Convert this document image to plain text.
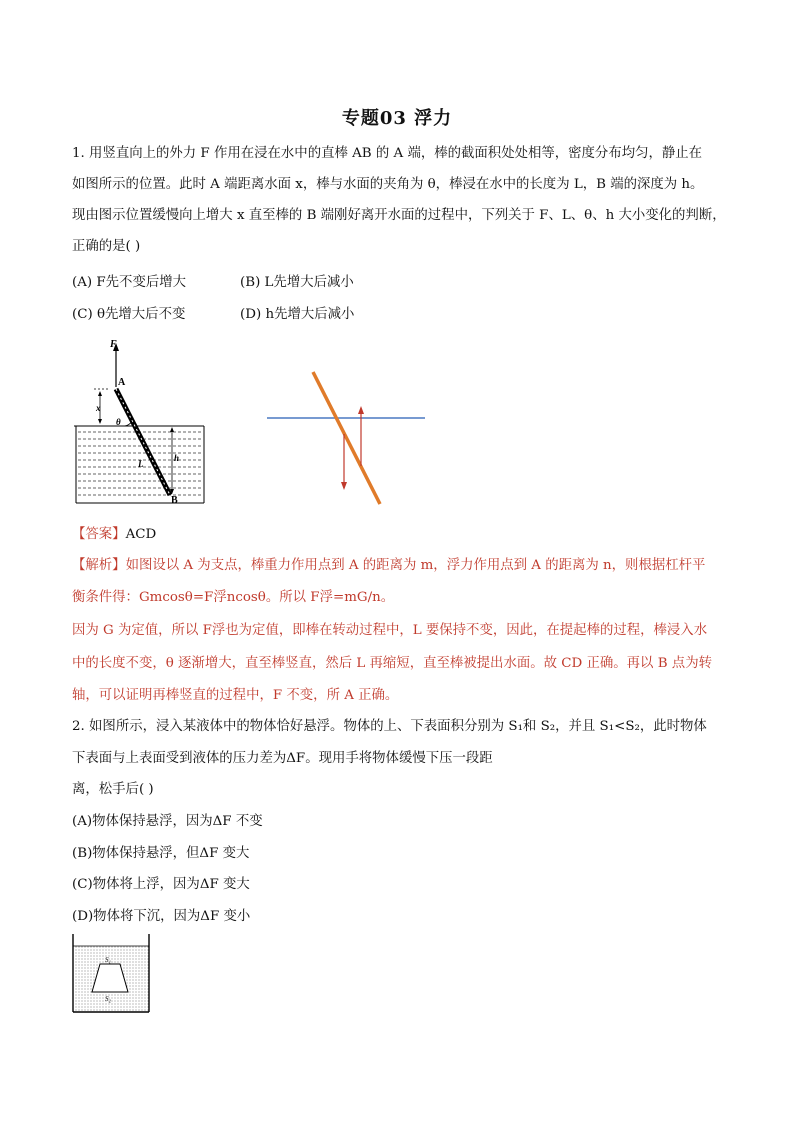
专题03 浮力
1. 用竖直向上的外力 F 作用在浸在水中的直棒 AB 的 A 端，棒的截面积处处相等，密度分布均匀，静止在
如图所示的位置。此时 A 端距离水面 x，棒与水面的夹角为 θ，棒浸在水中的长度为 L，B 端的深度为 h。
现由图示位置缓慢向上增大 x 直至棒的 B 端刚好离开水面的过程中，下列关于 F、L、θ、h 大小变化的判断，
正确的是( )
(A) F先不变后增大	(B) L先增大后减小
(C) θ先增大后不变	(D) h先增大后减小
F
A
x
θ
L
h
B
【答案】ACD
【解析】如图设以 A 为支点，棒重力作用点到 A 的距离为 m，浮力作用点到 A 的距离为 n，则根据杠杆平
衡条件得：Gmcosθ=F浮ncosθ。所以 F浮=mG/n。
因为 G 为定值，所以 F浮也为定值，即棒在转动过程中，L 要保持不变，因此，在提起棒的过程，棒浸入水
中的长度不变，θ 逐渐增大，直至棒竖直，然后 L 再缩短，直至棒被提出水面。故 CD 正确。再以 B 点为转
轴，可以证明再棒竖直的过程中，F 不变，所 A 正确。
2. 如图所示，浸入某液体中的物体恰好悬浮。物体的上、下表面积分别为 S₁和 S₂，并且 S₁<S₂，此时物体
下表面与上表面受到液体的压力差为ΔF。现用手将物体缓慢下压一段距
离，松手后( )
(A)物体保持悬浮，因为ΔF 不变
(B)物体保持悬浮，但ΔF 变大
(C)物体将上浮，因为ΔF 变大
(D)物体将下沉，因为ΔF 变小
S₁
S₂
